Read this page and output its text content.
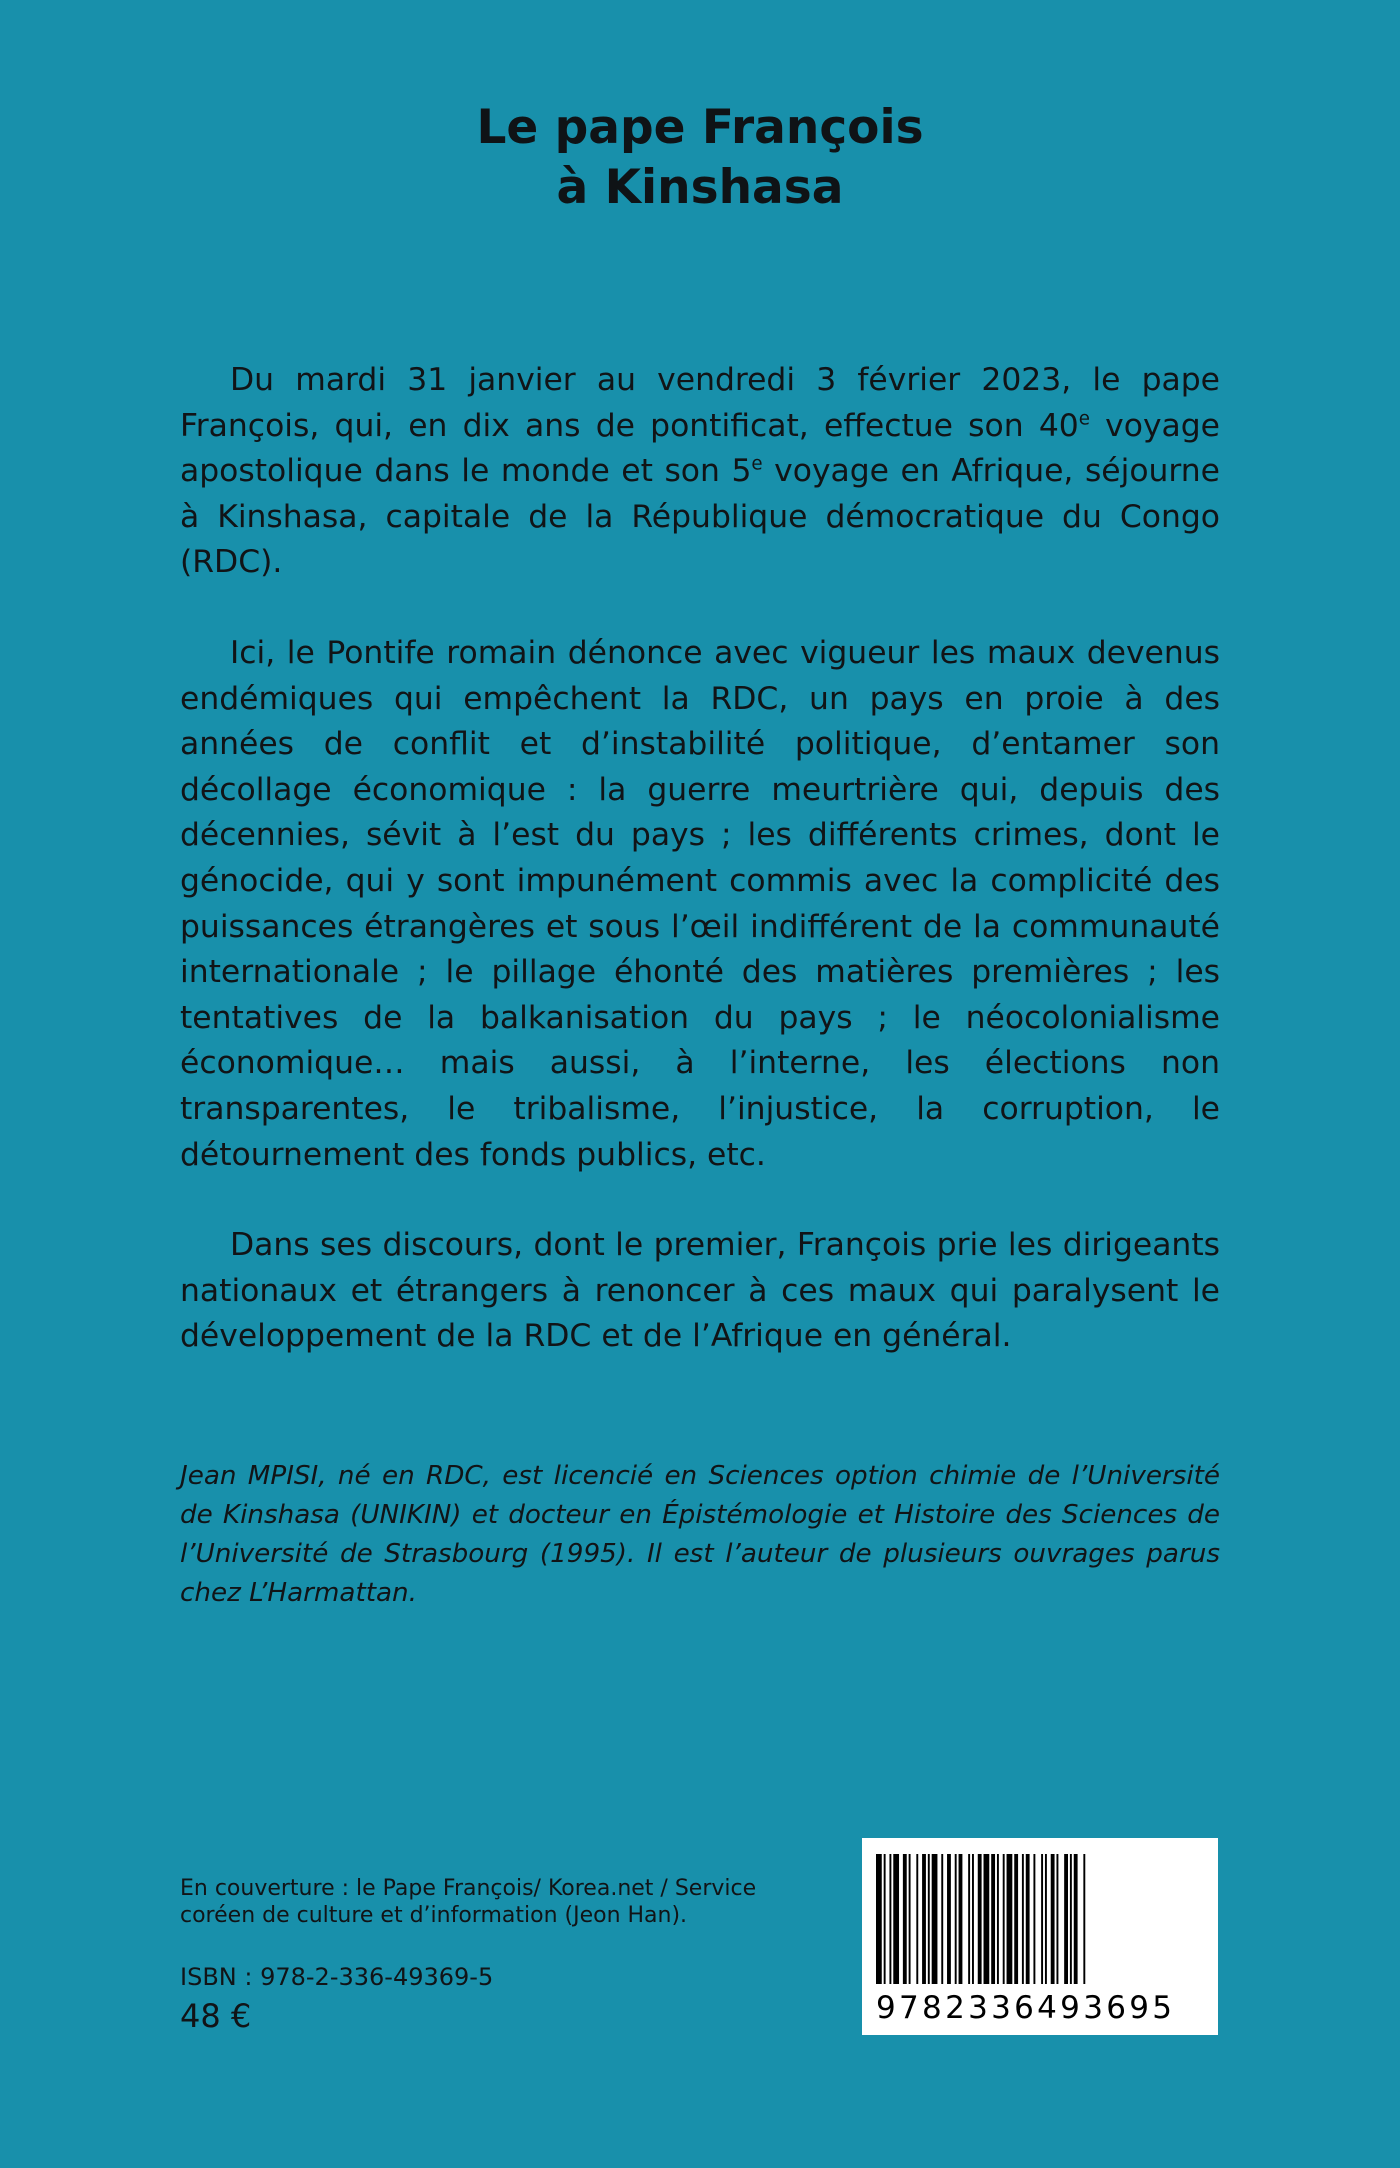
Le pape François
à Kinshasa

Du mardi 31 janvier au vendredi 3 février 2023, le pape François, qui, en dix ans de pontificat, effectue son 40e voyage apostolique dans le monde et son 5e voyage en Afrique, séjourne à Kinshasa, capitale de la République démocratique du Congo (RDC).

Ici, le Pontife romain dénonce avec vigueur les maux devenus endémiques qui empêchent la RDC, un pays en proie à des années de conflit et d’instabilité politique, d’entamer son décollage économique : la guerre meurtrière qui, depuis des décennies, sévit à l’est du pays ; les différents crimes, dont le génocide, qui y sont impunément commis avec la complicité des puissances étrangères et sous l’œil indifférent de la communauté internationale ; le pillage éhonté des matières premières ; les tentatives de la balkanisation du pays ; le néocolonialisme économique… mais aussi, à l’interne, les élections non transparentes, le tribalisme, l’injustice, la corruption, le détournement des fonds publics, etc.

Dans ses discours, dont le premier, François prie les dirigeants nationaux et étrangers à renoncer à ces maux qui paralysent le développement de la RDC et de l’Afrique en général.

Jean MPISI, né en RDC, est licencié en Sciences option chimie de l’Université de Kinshasa (UNIKIN) et docteur en Épistémologie et Histoire des Sciences de l’Université de Strasbourg (1995). Il est l’auteur de plusieurs ouvrages parus chez L’Harmattan.

En couverture : le Pape François/ Korea.net / Service coréen de culture et d’information (Jeon Han).

ISBN : 978-2-336-49369-5

48 €	9782336493695
